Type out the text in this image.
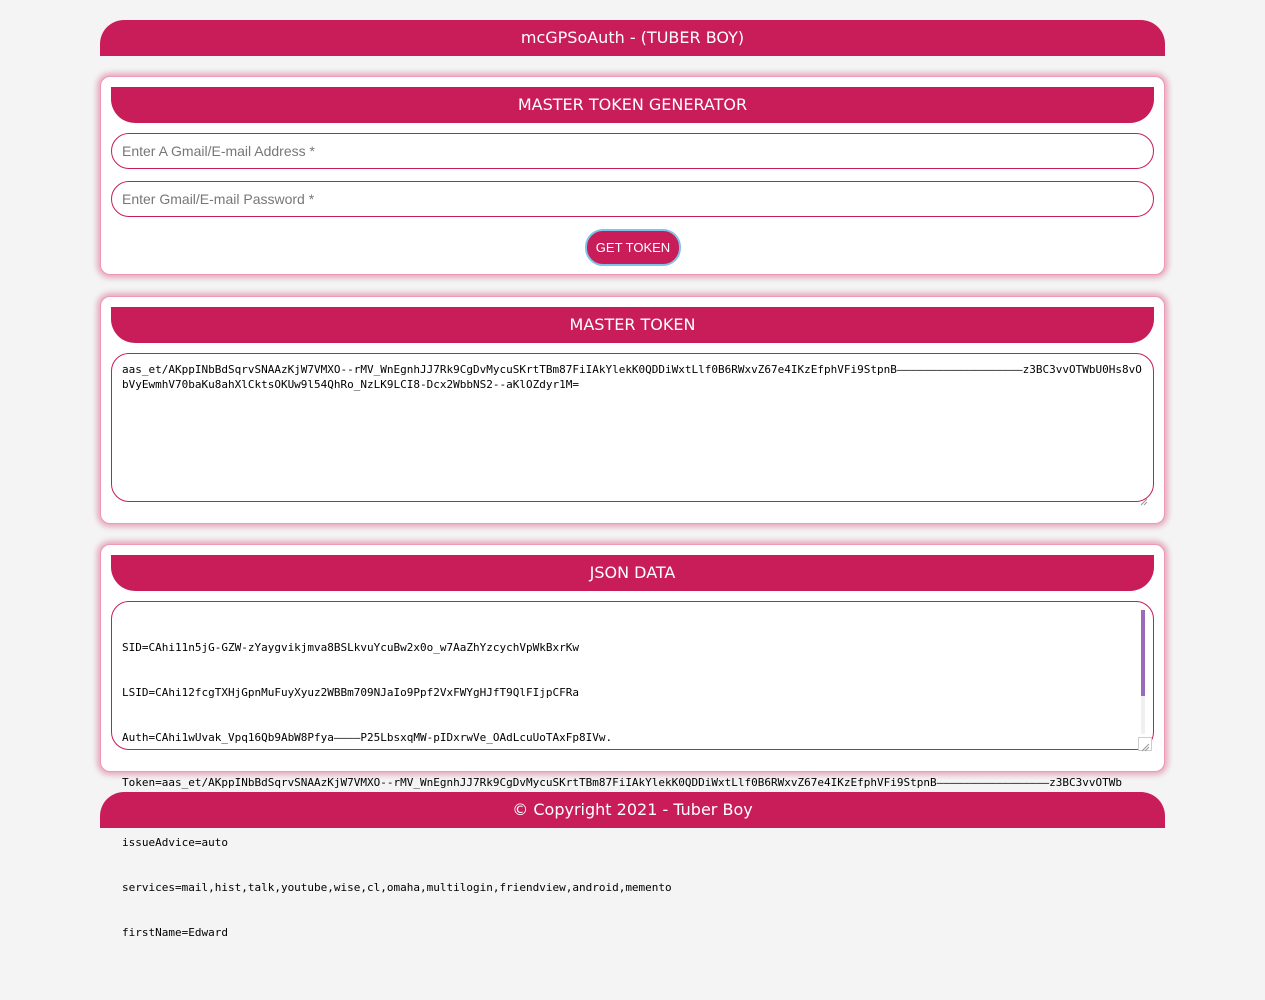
mcGPSoAuth - (TUBER BOY)
MASTER TOKEN GENERATOR
Enter A Gmail/E-mail Address *
GET TOKEN
MASTER TOKEN
aas_et/AKppINbBdSqrvSNAAzKjW7VMXO--rMV_WnEgnhJJ7Rk9CgDvMycuSKrtTBm87FiIAkYlekK0QDDiWxtLlf0B6RWxvZ67e4IKzEfphVFi9StpnB———————————————————z3BC3vvOTWbU0Hs8vObVyEwmhV70baKu8ahXlCktsOKUw9l54QhRo_NzLK9LCI8-Dcx2WbbNS2--aKlOZdyr1M=
JSON DATA

SID=CAhi11n5jG-GZW-zYaygvikjmva8BSLkvuYcuBw2x0o_w7AaZhYzcychVpWkBxrKw

LSID=CAhi12fcgTXHjGpnMuFuyXyuz2WBBm709NJaIo9Ppf2VxFWYgHJfT9QlFIjpCFRa

Auth=CAhi1wUvak_Vpq16Qb9AbW8Pfya————P25LbsxqMW-pIDxrwVe_OAdLcuUoTAxFp8IVw.

Token=aas_et/AKppINbBdSqrvSNAAzKjW7VMXO--rMV_WnEgnhJJ7Rk9CgDvMycuSKrtTBm87FiIAkYlekK0QDDiWxtLlf0B6RWxvZ67e4IKzEfphVFi9StpnB—————————————————z3BC3vvOTWb

issueAdvice=auto

services=mail,hist,talk,youtube,wise,cl,omaha,multilogin,friendview,android,memento

firstName=Edward

© Copyright 2021 - Tuber Boy
